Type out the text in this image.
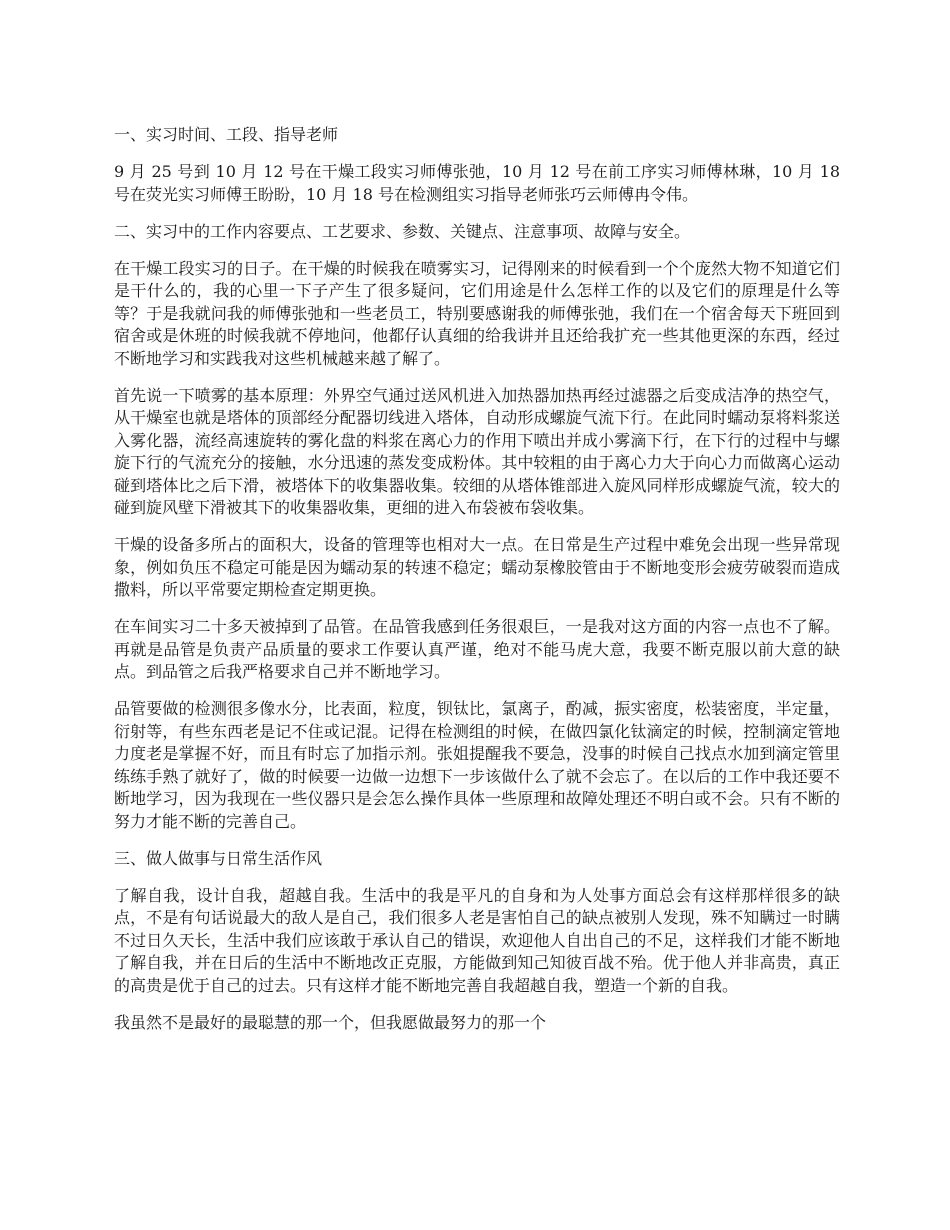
一、实习时间、工段、指导老师

9 月 25 号到 10 月 12 号在干燥工段实习师傅张弛，10 月 12 号在前工序实习师傅林琳，10 月 18 号在荧光实习师傅王盼盼，10 月 18 号在检测组实习指导老师张巧云师傅冉令伟。

二、实习中的工作内容要点、工艺要求、参数、关键点、注意事项、故障与安全。

在干燥工段实习的日子。在干燥的时候我在喷雾实习，记得刚来的时候看到一个个庞然大物不知道它们是干什么的，我的心里一下子产生了很多疑问，它们用途是什么怎样工作的以及它们的原理是什么等等？于是我就问我的师傅张弛和一些老员工，特别要感谢我的师傅张弛，我们在一个宿舍每天下班回到宿舍或是休班的时候我就不停地问，他都仔认真细的给我讲并且还给我扩充一些其他更深的东西，经过不断地学习和实践我对这些机械越来越了解了。

首先说一下喷雾的基本原理：外界空气通过送风机进入加热器加热再经过滤器之后变成洁净的热空气，从干燥室也就是塔体的顶部经分配器切线进入塔体，自动形成螺旋气流下行。在此同时蠕动泵将料浆送入雾化器，流经高速旋转的雾化盘的料浆在离心力的作用下喷出并成小雾滴下行，在下行的过程中与螺旋下行的气流充分的接触，水分迅速的蒸发变成粉体。其中较粗的由于离心力大于向心力而做离心运动碰到塔体比之后下滑，被塔体下的收集器收集。较细的从塔体锥部进入旋风同样形成螺旋气流，较大的碰到旋风壁下滑被其下的收集器收集，更细的进入布袋被布袋收集。

干燥的设备多所占的面积大，设备的管理等也相对大一点。在日常是生产过程中难免会出现一些异常现象，例如负压不稳定可能是因为蠕动泵的转速不稳定；蠕动泵橡胶管由于不断地变形会疲劳破裂而造成撒料，所以平常要定期检查定期更换。

在车间实习二十多天被掉到了品管。在品管我感到任务很艰巨，一是我对这方面的内容一点也不了解。再就是品管是负责产品质量的要求工作要认真严谨，绝对不能马虎大意，我要不断克服以前大意的缺点。到品管之后我严格要求自己并不断地学习。

品管要做的检测很多像水分，比表面，粒度，钡钛比，氯离子，酌减，振实密度，松装密度，半定量，衍射等，有些东西老是记不住或记混。记得在检测组的时候，在做四氯化钛滴定的时候，控制滴定管地力度老是掌握不好，而且有时忘了加指示剂。张姐提醒我不要急，没事的时候自己找点水加到滴定管里练练手熟了就好了，做的时候要一边做一边想下一步该做什么了就不会忘了。在以后的工作中我还要不断地学习，因为我现在一些仪器只是会怎么操作具体一些原理和故障处理还不明白或不会。只有不断的努力才能不断的完善自己。

三、做人做事与日常生活作风

了解自我，设计自我，超越自我。生活中的我是平凡的自身和为人处事方面总会有这样那样很多的缺点，不是有句话说最大的敌人是自己，我们很多人老是害怕自己的缺点被别人发现，殊不知瞒过一时瞒不过日久天长，生活中我们应该敢于承认自己的错误，欢迎他人自出自己的不足，这样我们才能不断地了解自我，并在日后的生活中不断地改正克服，方能做到知己知彼百战不殆。优于他人并非高贵，真正的高贵是优于自己的过去。只有这样才能不断地完善自我超越自我，塑造一个新的自我。

我虽然不是最好的最聪慧的那一个，但我愿做最努力的那一个
